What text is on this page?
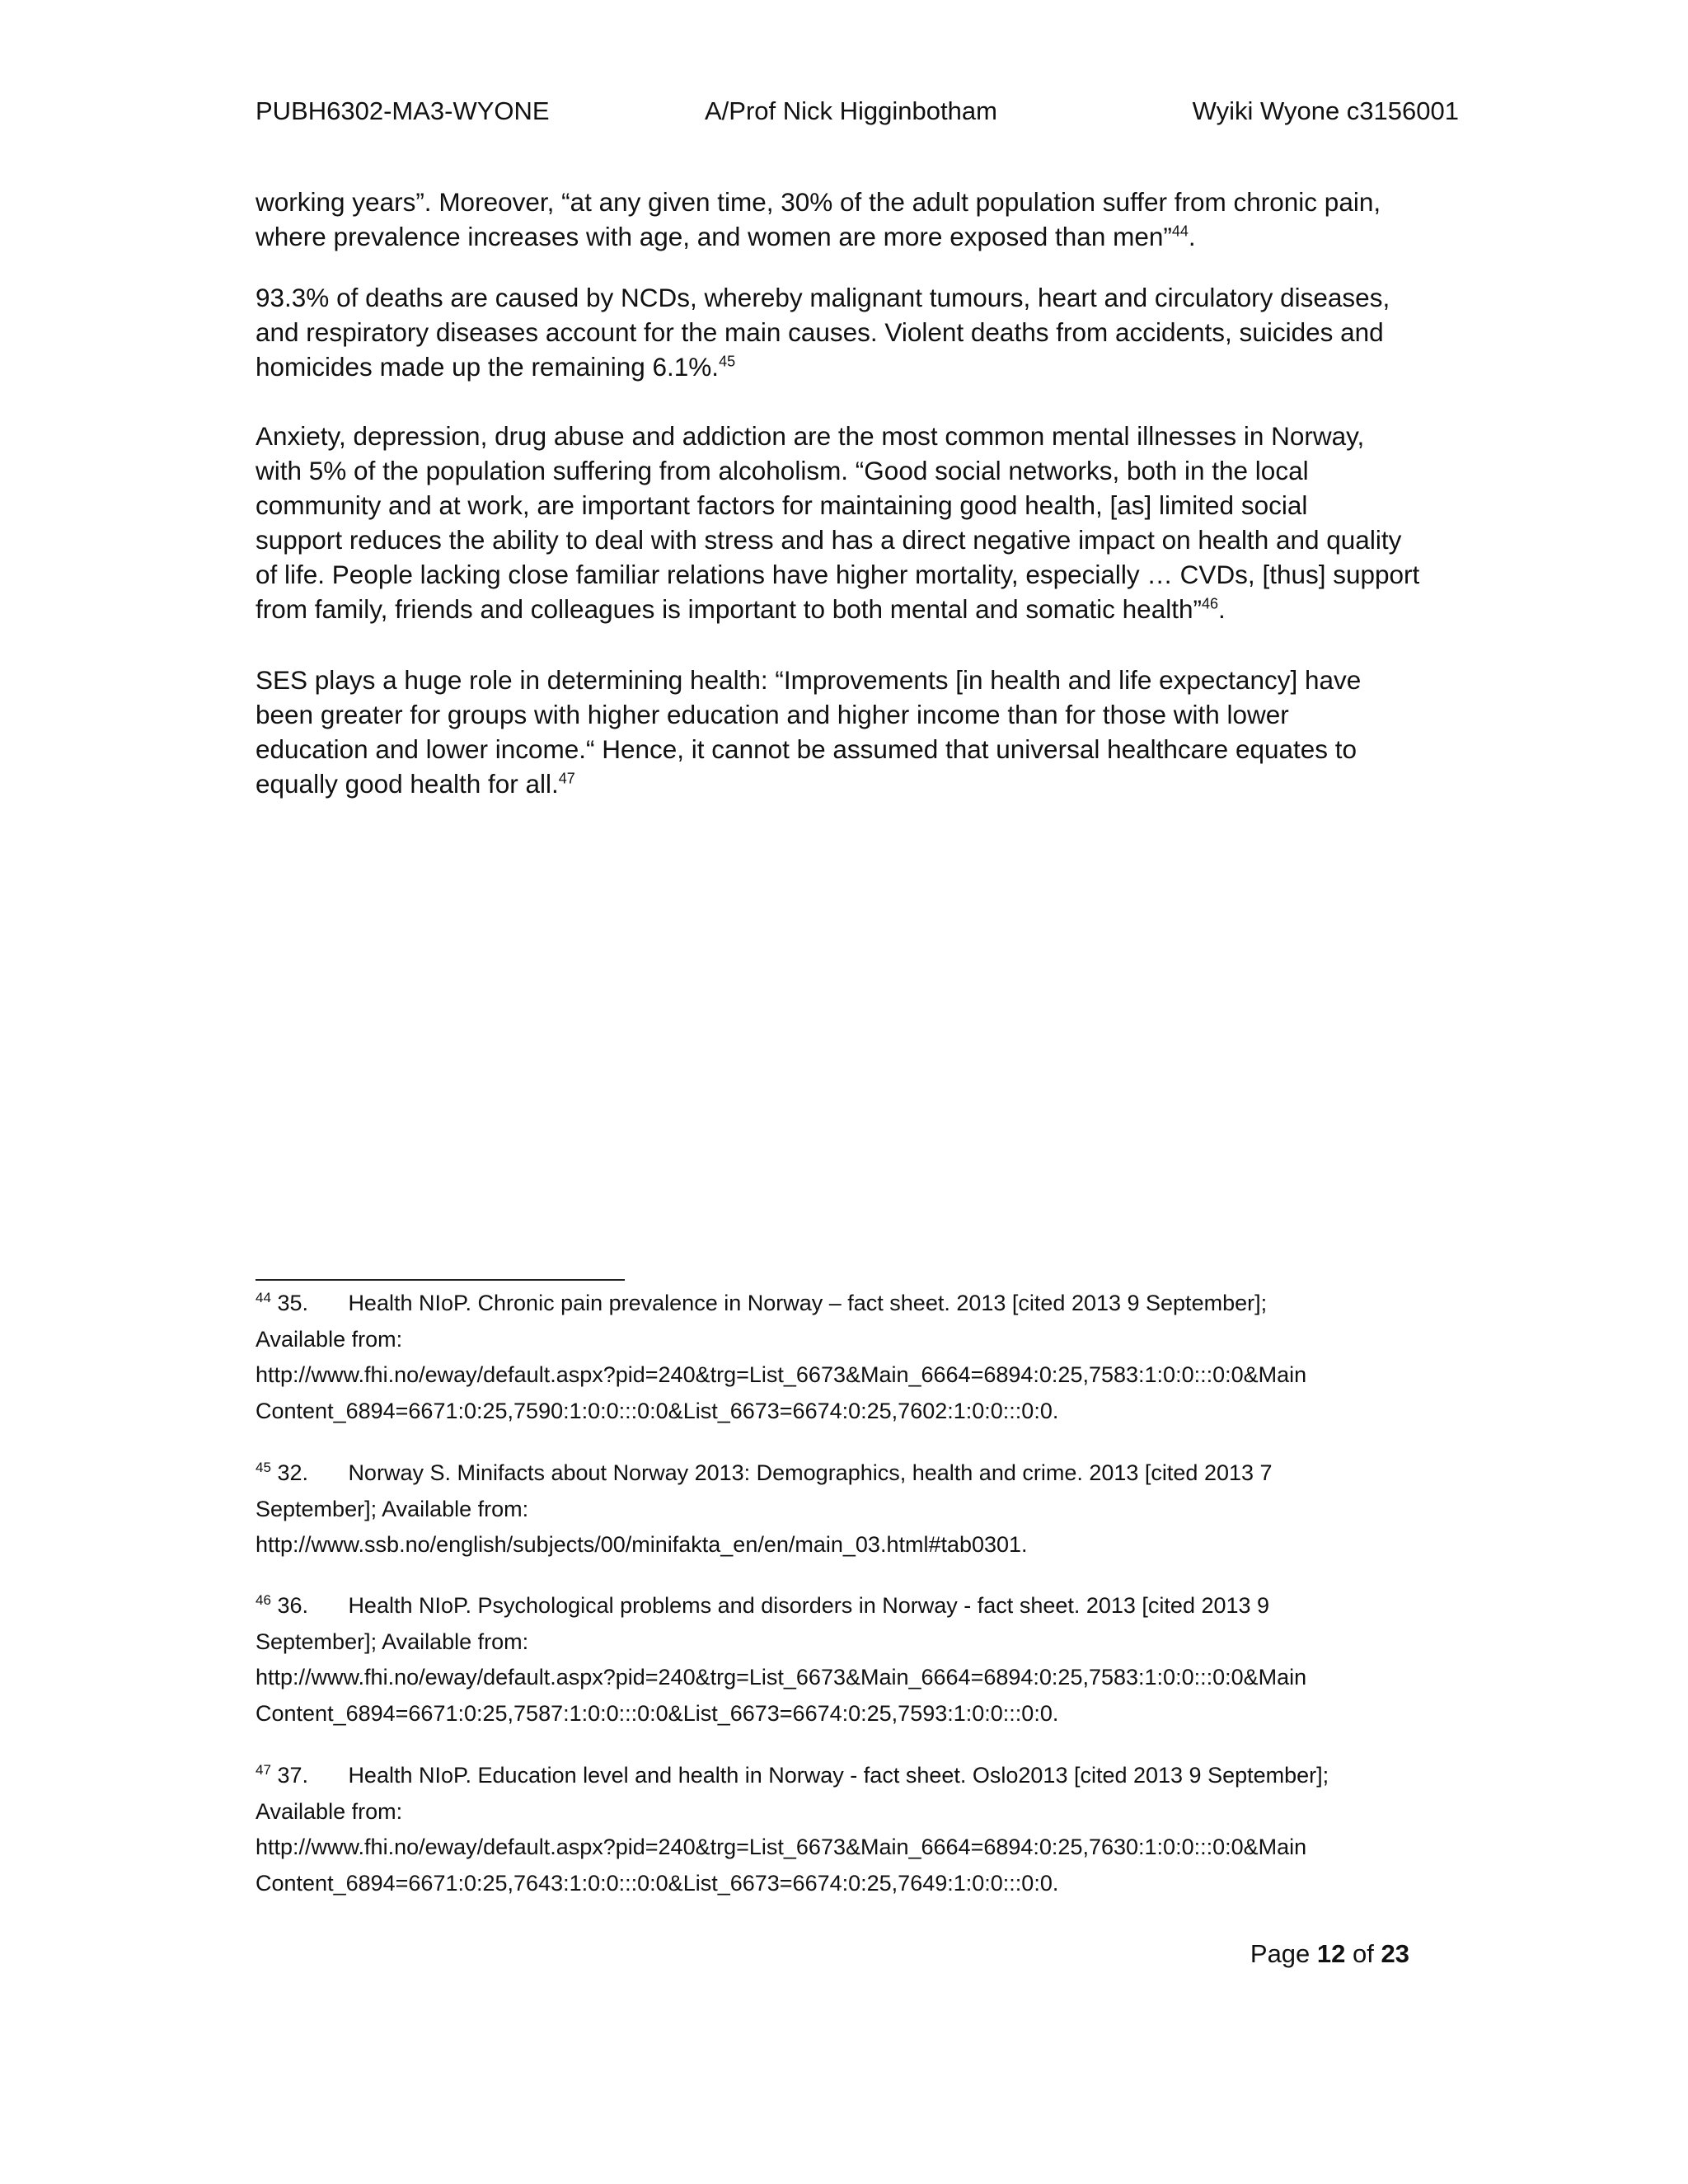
PUBH6302-MA3-WYONE	A/Prof Nick Higginbotham	Wyiki Wyone c3156001

working years”. Moreover, “at any given time, 30% of the adult population suffer from chronic pain,
where prevalence increases with age, and women are more exposed than men”$^{44}$.

93.3% of deaths are caused by NCDs, whereby malignant tumours, heart and circulatory diseases,
and respiratory diseases account for the main causes. Violent deaths from accidents, suicides and
homicides made up the remaining 6.1%.$^{45}$

Anxiety, depression, drug abuse and addiction are the most common mental illnesses in Norway,
with 5% of the population suffering from alcoholism. “Good social networks, both in the local
community and at work, are important factors for maintaining good health, [as] limited social
support reduces the ability to deal with stress and has a direct negative impact on health and quality
of life. People lacking close familiar relations have higher mortality, especially … CVDs, [thus] support
from family, friends and colleagues is important to both mental and somatic health”$^{46}$.

SES plays a huge role in determining health: “Improvements [in health and life expectancy] have
been greater for groups with higher education and higher income than for those with lower
education and lower income.“ Hence, it cannot be assumed that universal healthcare equates to
equally good health for all.$^{47}$

$^{44}$ 35. Health NIoP. Chronic pain prevalence in Norway – fact sheet. 2013 [cited 2013 9 September];
Available from:
http://www.fhi.no/eway/default.aspx?pid=240&trg=List_6673&Main_6664=6894:0:25,7583:1:0:0:::0:0&Main
Content_6894=6671:0:25,7590:1:0:0:::0:0&List_6673=6674:0:25,7602:1:0:0:::0:0.
$^{45}$ 32. Norway S. Minifacts about Norway 2013: Demographics, health and crime. 2013 [cited 2013 7
September]; Available from:
http://www.ssb.no/english/subjects/00/minifakta_en/en/main_03.html#tab0301.
$^{46}$ 36. Health NIoP. Psychological problems and disorders in Norway - fact sheet. 2013 [cited 2013 9
September]; Available from:
http://www.fhi.no/eway/default.aspx?pid=240&trg=List_6673&Main_6664=6894:0:25,7583:1:0:0:::0:0&Main
Content_6894=6671:0:25,7587:1:0:0:::0:0&List_6673=6674:0:25,7593:1:0:0:::0:0.
$^{47}$ 37. Health NIoP. Education level and health in Norway - fact sheet. Oslo2013 [cited 2013 9 September];
Available from:
http://www.fhi.no/eway/default.aspx?pid=240&trg=List_6673&Main_6664=6894:0:25,7630:1:0:0:::0:0&Main
Content_6894=6671:0:25,7643:1:0:0:::0:0&List_6673=6674:0:25,7649:1:0:0:::0:0.
Page 12 of 23
